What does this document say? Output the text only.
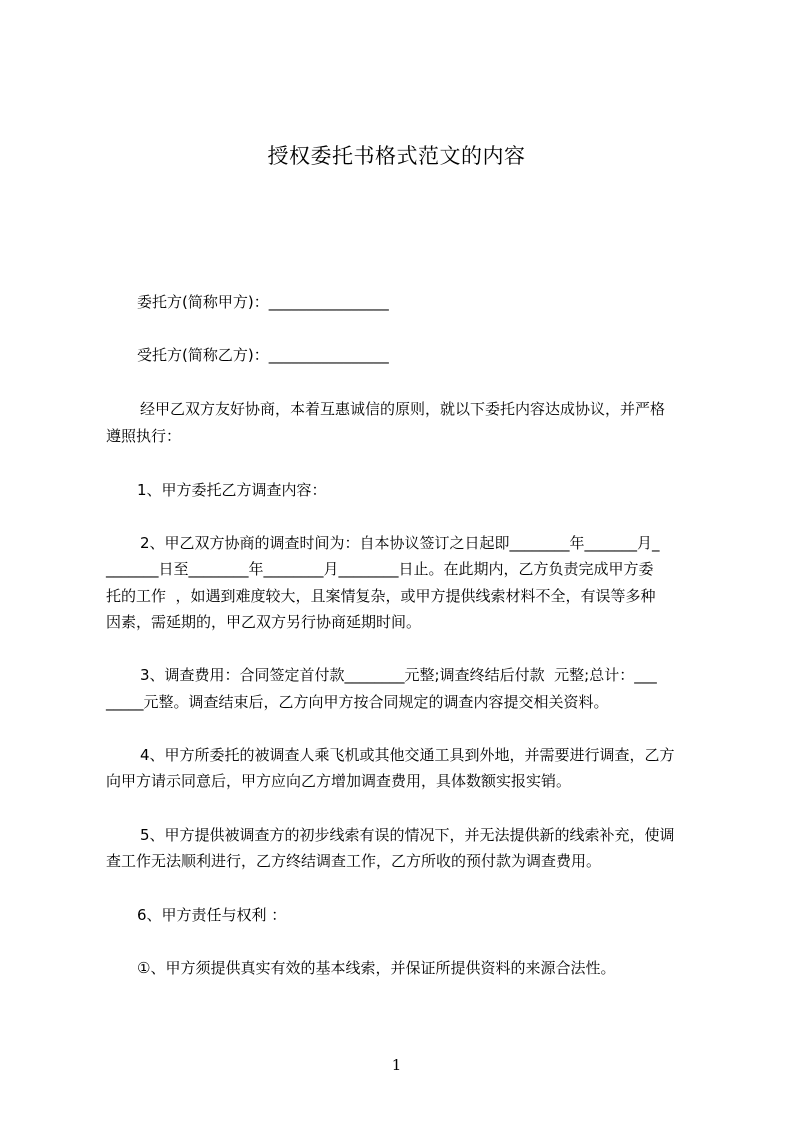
授权委托书格式范文的内容
委托方(简称甲方)：________________
受托方(简称乙方)：________________
经甲乙双方友好协商，本着互惠诚信的原则，就以下委托内容达成协议，并严格
遵照执行：
1、甲方委托乙方调查内容：
2、甲乙双方协商的调查时间为：自本协议签订之日起即________年_______月_
_______日至________年________月________日止。在此期内，乙方负责完成甲方委
托的工作  ，如遇到难度较大，且案情复杂，或甲方提供线索材料不全，有误等多种
因素，需延期的，甲乙双方另行协商延期时间。
3、调查费用：合同签定首付款________元整;调查终结后付款  元整;总计：___
_____元整。调查结束后，乙方向甲方按合同规定的调查内容提交相关资料。
4、甲方所委托的被调查人乘飞机或其他交通工具到外地，并需要进行调查，乙方
向甲方请示同意后，甲方应向乙方增加调查费用，具体数额实报实销。
5、甲方提供被调查方的初步线索有误的情况下，并无法提供新的线索补充，使调
查工作无法顺利进行，乙方终结调查工作，乙方所收的预付款为调查费用。
6、甲方责任与权利 ：
①、甲方须提供真实有效的基本线索，并保证所提供资料的来源合法性。
1
